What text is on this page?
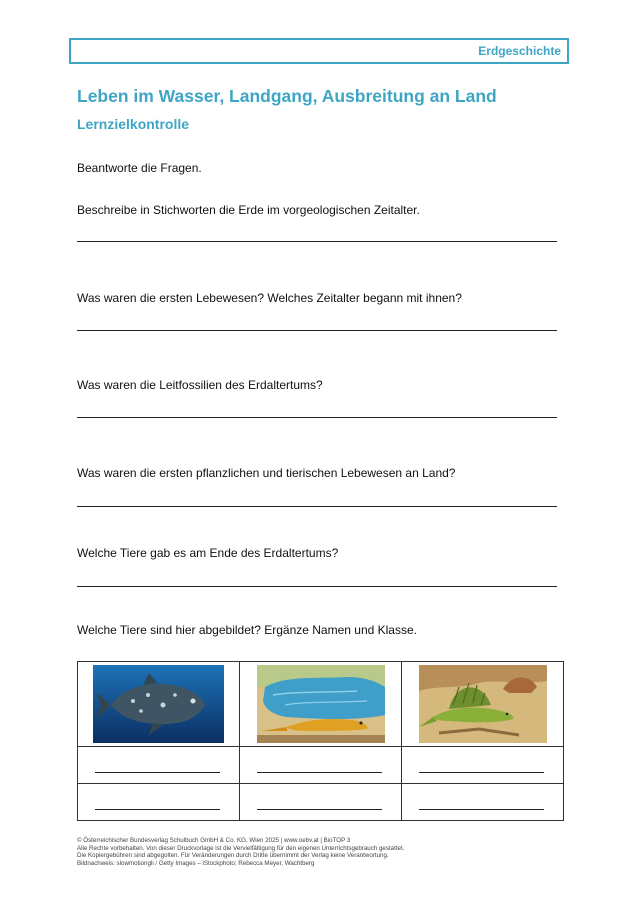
Erdgeschichte
Leben im Wasser, Landgang, Ausbreitung an Land
Lernzielkontrolle
Beantworte die Fragen.
Beschreibe in Stichworten die Erde im vorgeologischen Zeitalter.
Was waren die ersten Lebewesen? Welches Zeitalter begann mit ihnen?
Was waren die Leitfossilien des Erdaltertums?
Was waren die ersten pflanzlichen und tierischen Lebewesen an Land?
Welche Tiere gab es am Ende des Erdaltertums?
Welche Tiere sind hier abgebildet? Ergänze Namen und Klasse.

© Österreichischer Bundesverlag Schulbuch GmbH & Co. KG, Wien 2025 | www.oebv.at | BioTOP 3
Alle Rechte vorbehalten. Von dieser Druckvorlage ist die Vervielfältigung für den eigenen Unterrichtsgebrauch gestattet.
Die Kopiergebühren sind abgegolten. Für Veränderungen durch Dritte übernimmt der Verlag keine Verantwortung.
Bildnachweis: slowmotiongli / Getty Images – iStockphoto; Rebecca Meyer, Wachtberg
